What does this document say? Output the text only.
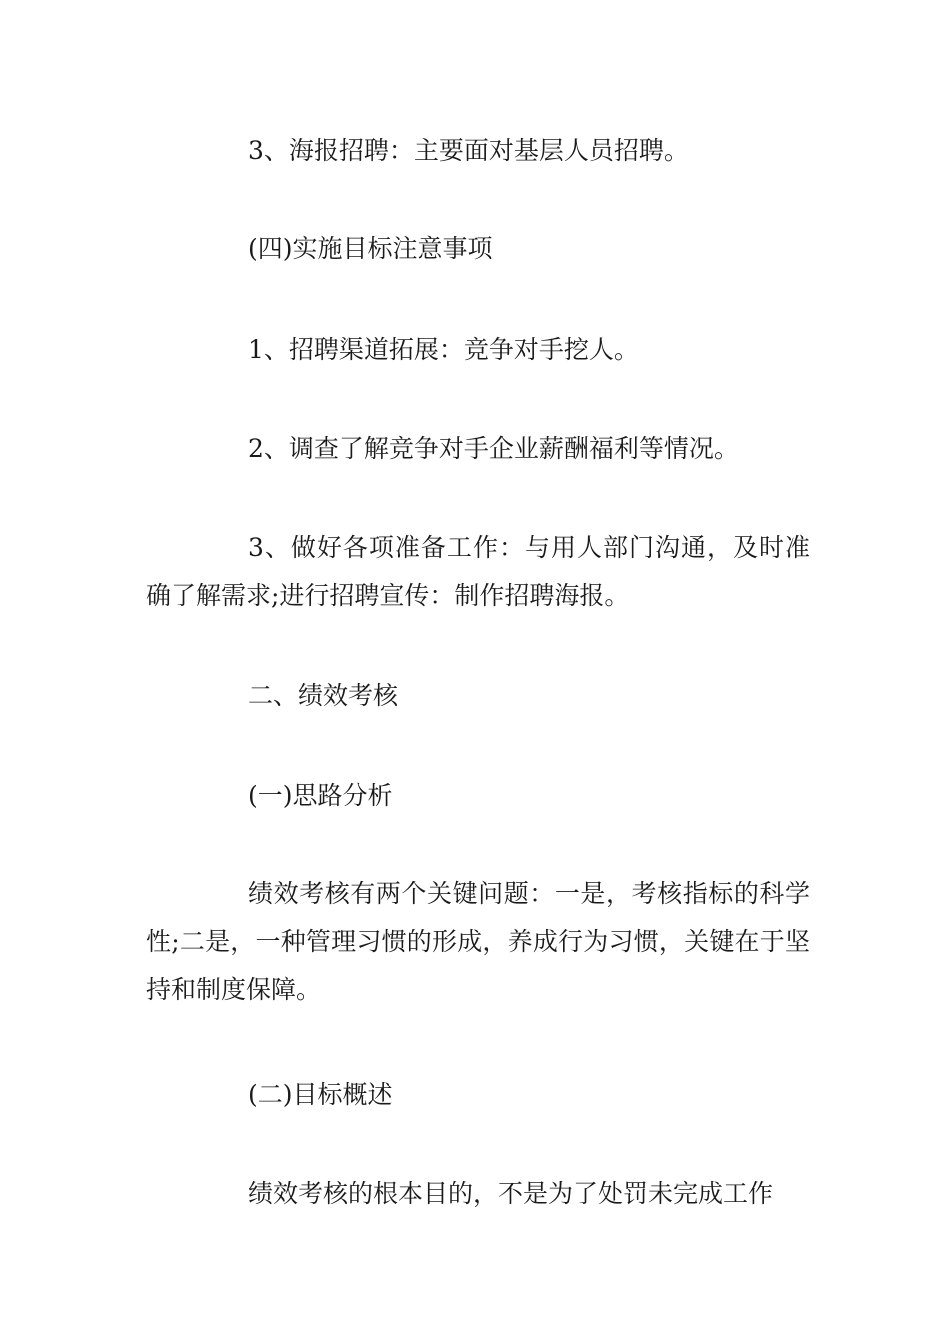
3、海报招聘：主要面对基层人员招聘。

(四)实施目标注意事项

1、招聘渠道拓展：竞争对手挖人。

2、调查了解竞争对手企业薪酬福利等情况。

3、做好各项准备工作：与用人部门沟通，及时准确了解需求;进行招聘宣传：制作招聘海报。

二、绩效考核

(一)思路分析

绩效考核有两个关键问题：一是，考核指标的科学性;二是，一种管理习惯的形成，养成行为习惯，关键在于坚持和制度保障。

(二)目标概述

绩效考核的根本目的，不是为了处罚未完成工作
